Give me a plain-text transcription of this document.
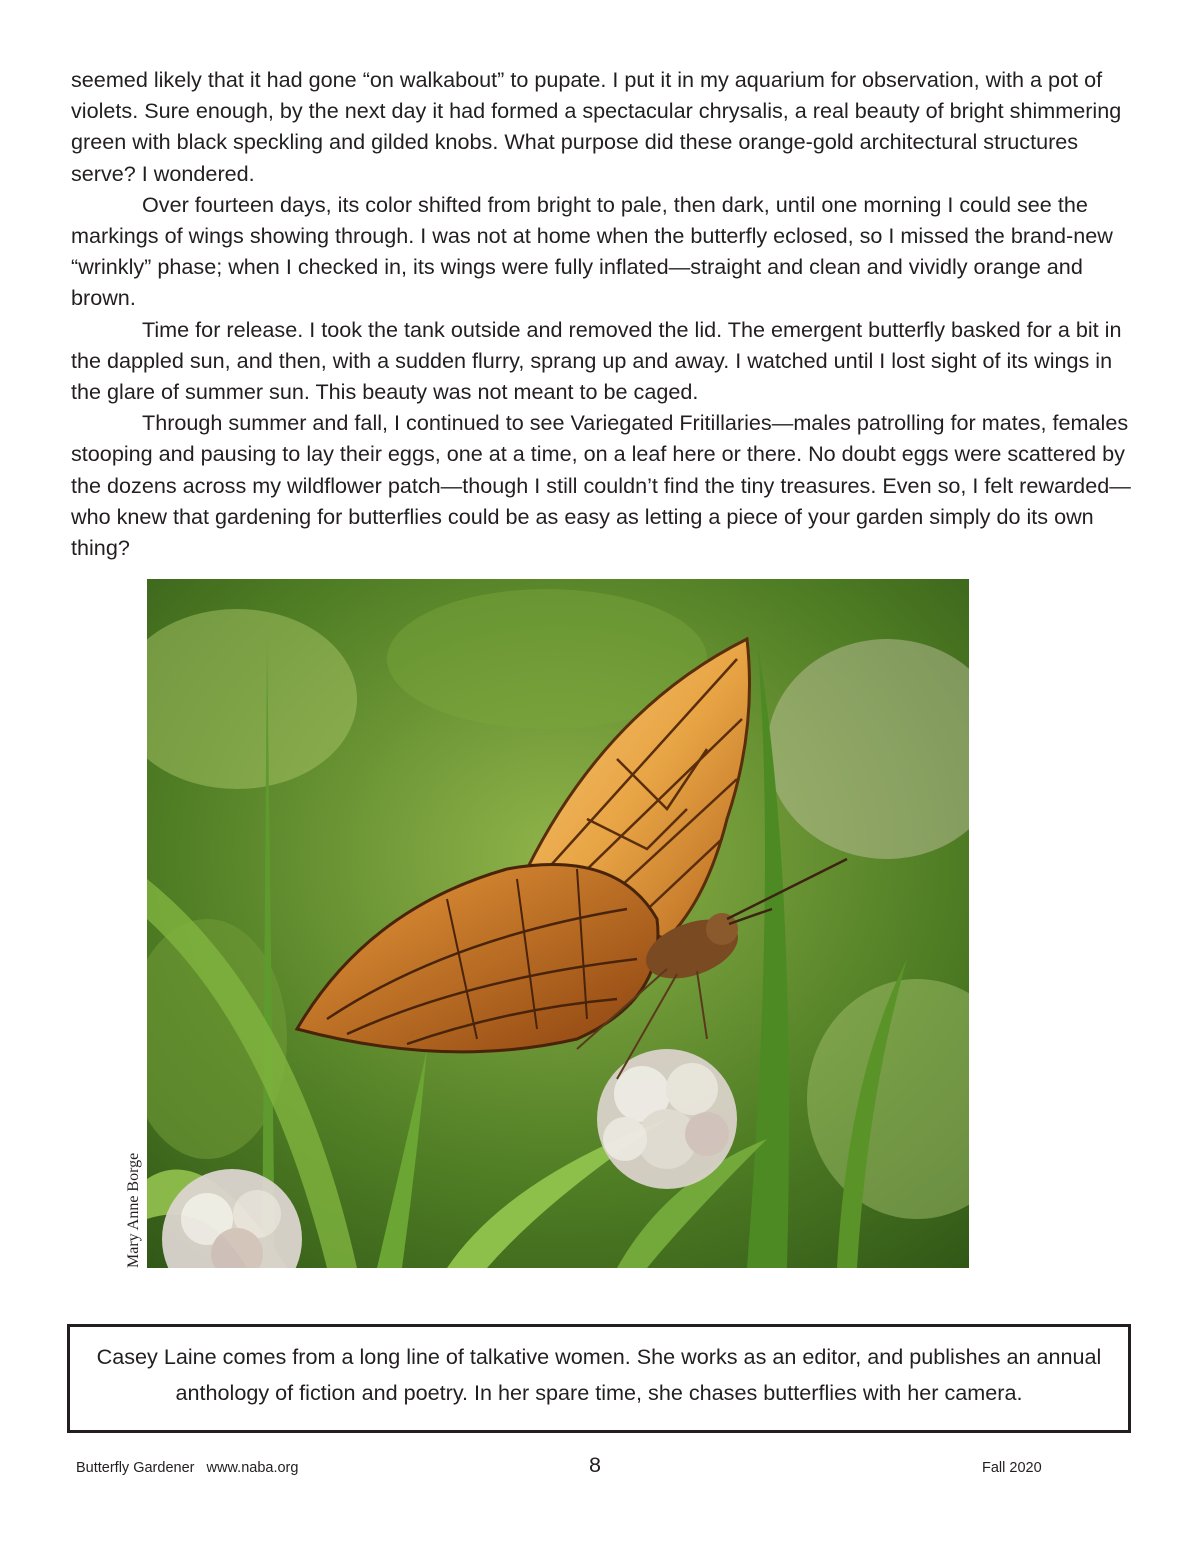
seemed likely that it had gone “on walkabout” to pupate. I put it in my aquarium for observation, with a pot of violets. Sure enough, by the next day it had formed a spectacular chrysalis, a real beauty of bright shimmering green with black speckling and gilded knobs. What purpose did these orange-gold architectural structures serve? I wondered.

Over fourteen days, its color shifted from bright to pale, then dark, until one morning I could see the markings of wings showing through. I was not at home when the butterfly eclosed, so I missed the brand-new “wrinkly” phase; when I checked in, its wings were fully inflated—straight and clean and vividly orange and brown.

Time for release. I took the tank outside and removed the lid. The emergent butterfly basked for a bit in the dappled sun, and then, with a sudden flurry, sprang up and away. I watched until I lost sight of its wings in the glare of summer sun. This beauty was not meant to be caged.

Through summer and fall, I continued to see Variegated Fritillaries—males patrolling for mates, females stooping and pausing to lay their eggs, one at a time, on a leaf here or there. No doubt eggs were scattered by the dozens across my wildflower patch—though I still couldn’t find the tiny treasures. Even so, I felt rewarded—who knew that gardening for butterflies could be as easy as letting a piece of your garden simply do its own thing?

Mary Anne Borge

Casey Laine comes from a long line of talkative women. She works as an editor, and publishes an annual anthology of fiction and poetry. In her spare time, she chases butterflies with her camera.

Butterfly Gardener   www.naba.org	8	Fall 2020
